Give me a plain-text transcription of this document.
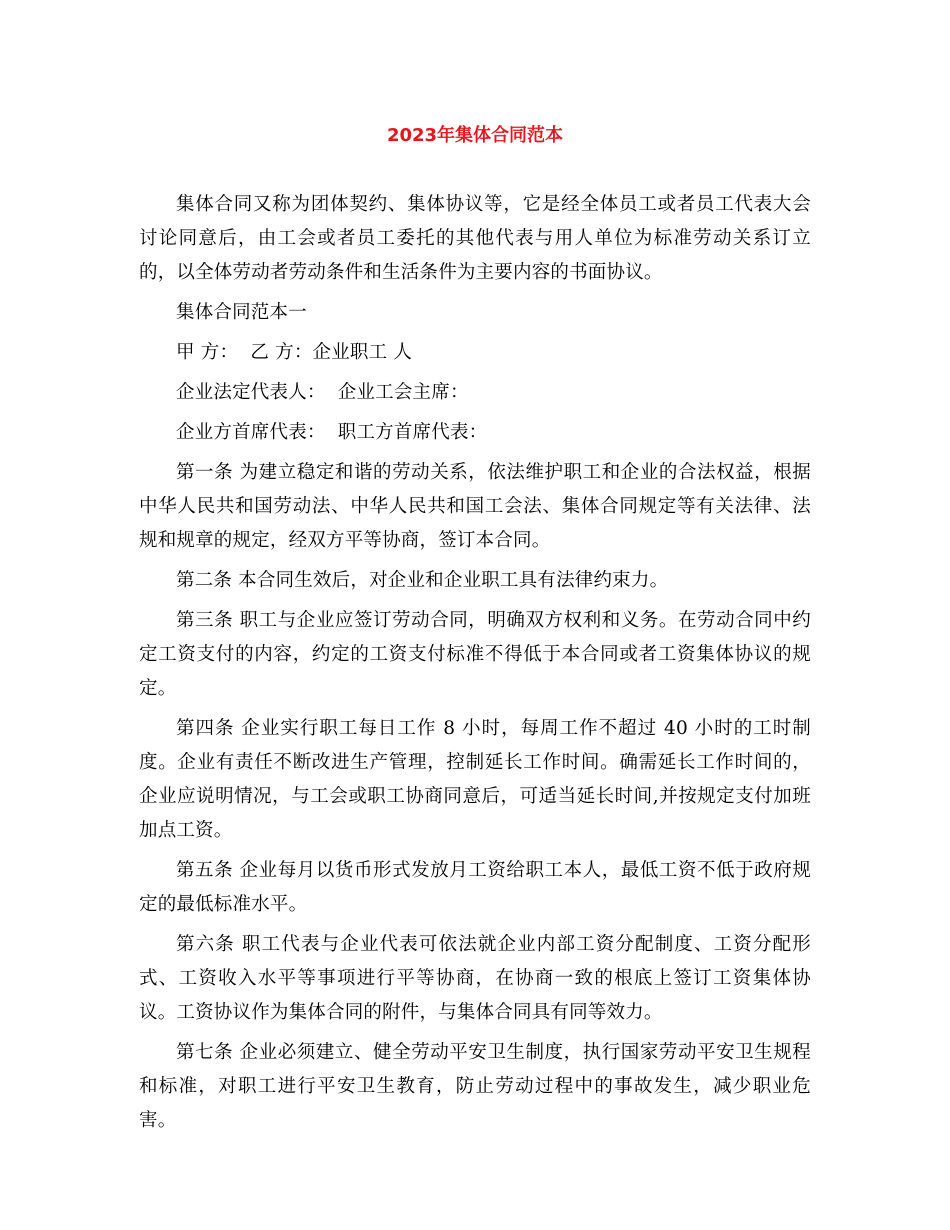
2023年集体合同范本

集体合同又称为团体契约、集体协议等，它是经全体员工或者员工代表大会讨论同意后，由工会或者员工委托的其他代表与用人单位为标准劳动关系订立的，以全体劳动者劳动条件和生活条件为主要内容的书面协议。

集体合同范本一

甲 方：  乙 方：企业职工 人

企业法定代表人：  企业工会主席：

企业方首席代表：  职工方首席代表：

第一条 为建立稳定和谐的劳动关系，依法维护职工和企业的合法权益，根据中华人民共和国劳动法、中华人民共和国工会法、集体合同规定等有关法律、法规和规章的规定，经双方平等协商，签订本合同。

第二条 本合同生效后，对企业和企业职工具有法律约束力。

第三条 职工与企业应签订劳动合同，明确双方权利和义务。在劳动合同中约定工资支付的内容，约定的工资支付标准不得低于本合同或者工资集体协议的规定。

第四条 企业实行职工每日工作 8 小时，每周工作不超过 40 小时的工时制度。企业有责任不断改进生产管理，控制延长工作时间。确需延长工作时间的，企业应说明情况，与工会或职工协商同意后，可适当延长时间,并按规定支付加班加点工资。

第五条 企业每月以货币形式发放月工资给职工本人，最低工资不低于政府规定的最低标准水平。

第六条 职工代表与企业代表可依法就企业内部工资分配制度、工资分配形式、工资收入水平等事项进行平等协商，在协商一致的根底上签订工资集体协议。工资协议作为集体合同的附件，与集体合同具有同等效力。

第七条 企业必须建立、健全劳动平安卫生制度，执行国家劳动平安卫生规程和标准，对职工进行平安卫生教育，防止劳动过程中的事故发生，减少职业危害。
